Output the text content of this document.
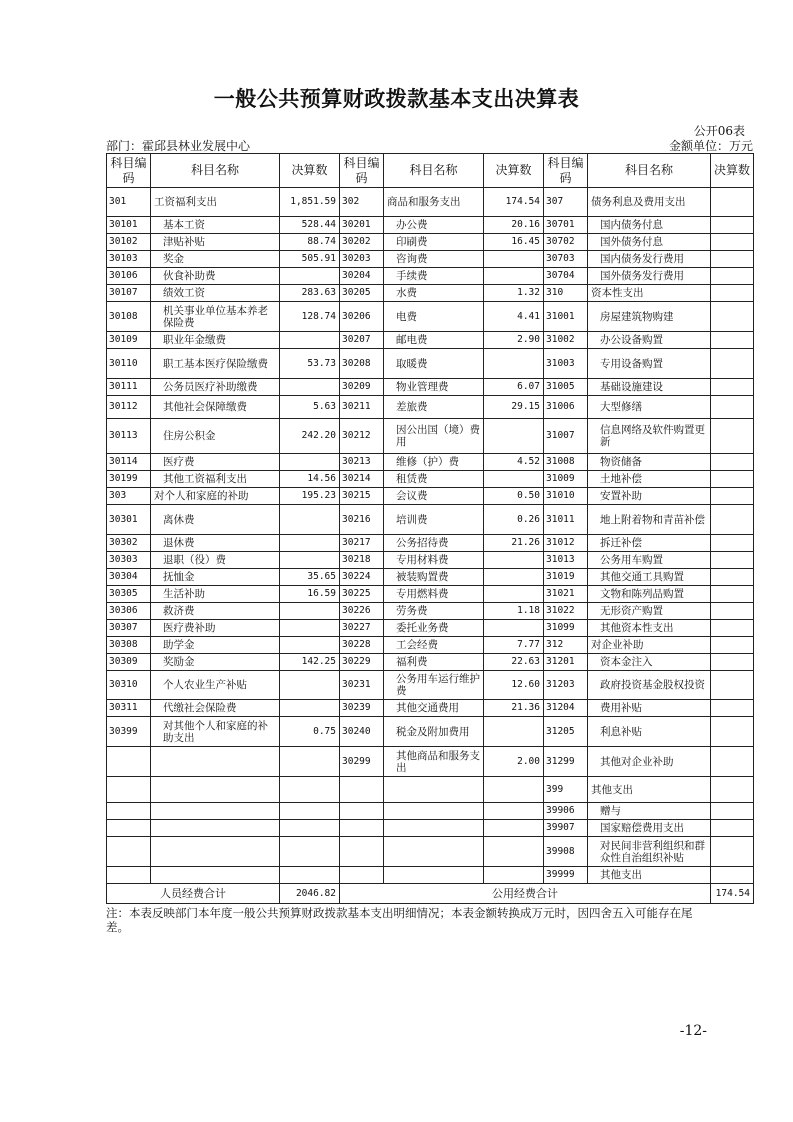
一般公共预算财政拨款基本支出决算表
公开06表
部门：霍邱县林业发展中心	金额单位：万元
科目编码	科目名称	决算数	科目编码	科目名称	决算数	科目编码	科目名称	决算数
301	工资福利支出	1,851.59	302	商品和服务支出	174.54	307	债务利息及费用支出	
30101	基本工资	528.44	30201	办公费	20.16	30701	国内债务付息	
30102	津贴补贴	88.74	30202	印刷费	16.45	30702	国外债务付息	
30103	奖金	505.91	30203	咨询费		30703	国内债务发行费用	
30106	伙食补助费		30204	手续费		30704	国外债务发行费用	
30107	绩效工资	283.63	30205	水费	1.32	310	资本性支出	
30108	机关事业单位基本养老保险费	128.74	30206	电费	4.41	31001	房屋建筑物购建	
30109	职业年金缴费		30207	邮电费	2.90	31002	办公设备购置	
30110	职工基本医疗保险缴费	53.73	30208	取暖费		31003	专用设备购置	
30111	公务员医疗补助缴费		30209	物业管理费	6.07	31005	基础设施建设	
30112	其他社会保障缴费	5.63	30211	差旅费	29.15	31006	大型修缮	
30113	住房公积金	242.20	30212	因公出国（境）费用		31007	信息网络及软件购置更新	
30114	医疗费		30213	维修（护）费	4.52	31008	物资储备	
30199	其他工资福利支出	14.56	30214	租赁费		31009	土地补偿	
303	对个人和家庭的补助	195.23	30215	会议费	0.50	31010	安置补助	
30301	离休费		30216	培训费	0.26	31011	地上附着物和青苗补偿	
30302	退休费		30217	公务招待费	21.26	31012	拆迁补偿	
30303	退职（役）费		30218	专用材料费		31013	公务用车购置	
30304	抚恤金	35.65	30224	被装购置费		31019	其他交通工具购置	
30305	生活补助	16.59	30225	专用燃料费		31021	文物和陈列品购置	
30306	救济费		30226	劳务费	1.18	31022	无形资产购置	
30307	医疗费补助		30227	委托业务费		31099	其他资本性支出	
30308	助学金		30228	工会经费	7.77	312	对企业补助	
30309	奖励金	142.25	30229	福利费	22.63	31201	资本金注入	
30310	个人农业生产补贴		30231	公务用车运行维护费	12.60	31203	政府投资基金股权投资	
30311	代缴社会保险费		30239	其他交通费用	21.36	31204	费用补贴	
30399	对其他个人和家庭的补助支出	0.75	30240	税金及附加费用		31205	利息补贴	
			30299	其他商品和服务支出	2.00	31299	其他对企业补助	
						399	其他支出	
						39906	赠与	
						39907	国家赔偿费用支出	
						39908	对民间非营利组织和群众性自治组织补贴	
						39999	其他支出	
人员经费合计		2046.82	公用经费合计					174.54
注：本表反映部门本年度一般公共预算财政拨款基本支出明细情况；本表金额转换成万元时，因四舍五入可能存在尾差。
-12-
